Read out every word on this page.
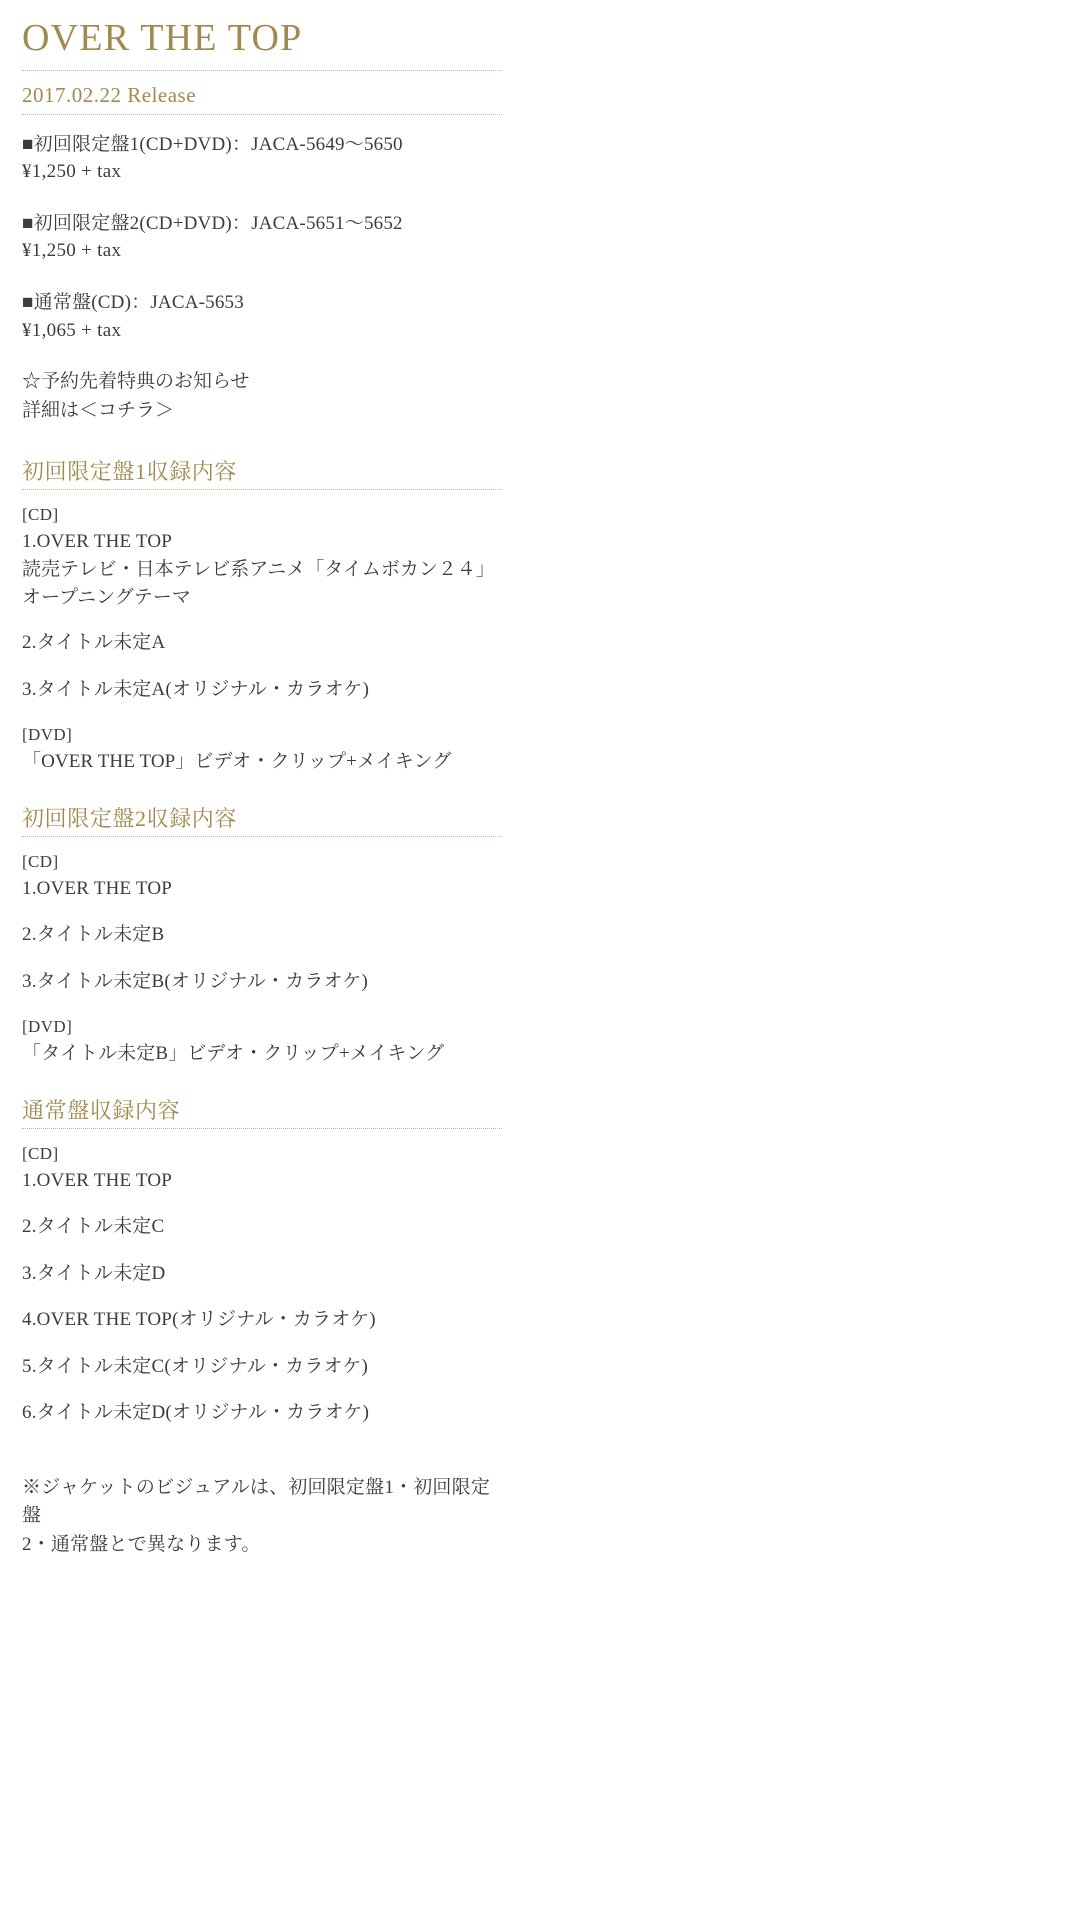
OVER THE TOP
2017.02.22 Release

■初回限定盤1(CD+DVD)：JACA-5649〜5650

¥1,250 + tax

■初回限定盤2(CD+DVD)：JACA-5651〜5652

¥1,250 + tax

■通常盤(CD)：JACA-5653

¥1,065 + tax

☆予約先着特典のお知らせ

詳細は＜コチラ＞

初回限定盤1収録内容

[CD]

1.OVER THE TOP

読売テレビ・日本テレビ系アニメ「タイムボカン２４」オープニングテーマ

2.タイトル未定A

3.タイトル未定A(オリジナル・カラオケ)

[DVD]

「OVER THE TOP」ビデオ・クリップ+メイキング

初回限定盤2収録内容

[CD]

1.OVER THE TOP

2.タイトル未定B

3.タイトル未定B(オリジナル・カラオケ)

[DVD]

「タイトル未定B」ビデオ・クリップ+メイキング

通常盤収録内容

[CD]

1.OVER THE TOP

2.タイトル未定C

3.タイトル未定D

4.OVER THE TOP(オリジナル・カラオケ)

5.タイトル未定C(オリジナル・カラオケ)

6.タイトル未定D(オリジナル・カラオケ)

※ジャケットのビジュアルは、初回限定盤1・初回限定盤

2・通常盤とで異なります。
